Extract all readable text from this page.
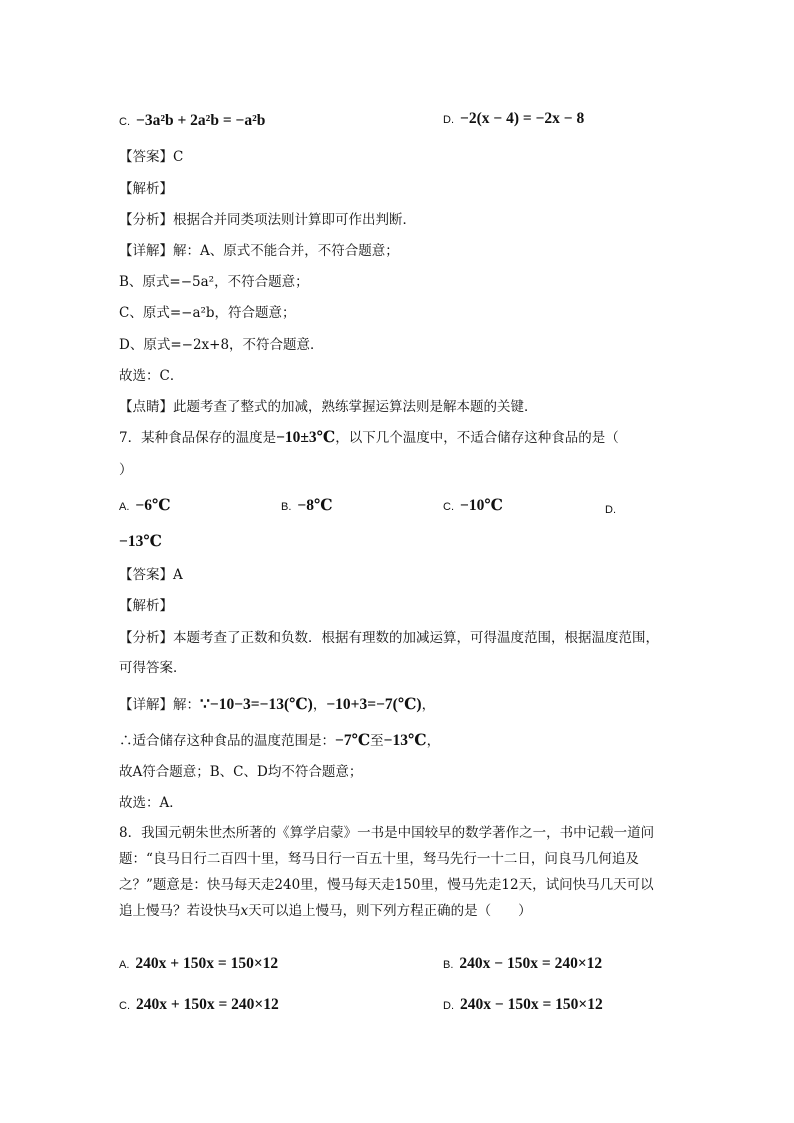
C. −3a²b + 2a²b = −a²b	D. −2(x − 4) = −2x − 8
【答案】C
【解析】
【分析】根据合并同类项法则计算即可作出判断．
【详解】解：A、原式不能合并，不符合题意；
B、原式=−5a²，不符合题意；
C、原式=−a²b，符合题意；
D、原式=−2x+8，不符合题意．
故选：C．
【点睛】此题考查了整式的加减，熟练掌握运算法则是解本题的关键．
7．某种食品保存的温度是−10±3℃，以下几个温度中，不适合储存这种食品的是（
）
A. −6℃	B. −8℃	C. −10℃	D.
−13℃
【答案】A
【解析】
【分析】本题考查了正数和负数．根据有理数的加减运算，可得温度范围，根据温度范围，
可得答案．
【详解】解：∵−10−3=−13(℃)，−10+3=−7(℃)，
∴适合储存这种食品的温度范围是：−7℃至−13℃，
故A符合题意；B、C、D均不符合题意；
故选：A．
8．我国元朝朱世杰所著的《算学启蒙》一书是中国较早的数学著作之一，书中记载一道问题：“良马日行二百四十里，驽马日行一百五十里，驽马先行一十二日，问良马几何追及之？”题意是：快马每天走240里，慢马每天走150里，慢马先走12天，试问快马几天可以追上慢马？若设快马x天可以追上慢马，则下列方程正确的是（　　）
A. 240x + 150x = 150×12	B. 240x − 150x = 240×12
C. 240x + 150x = 240×12	D. 240x − 150x = 150×12
